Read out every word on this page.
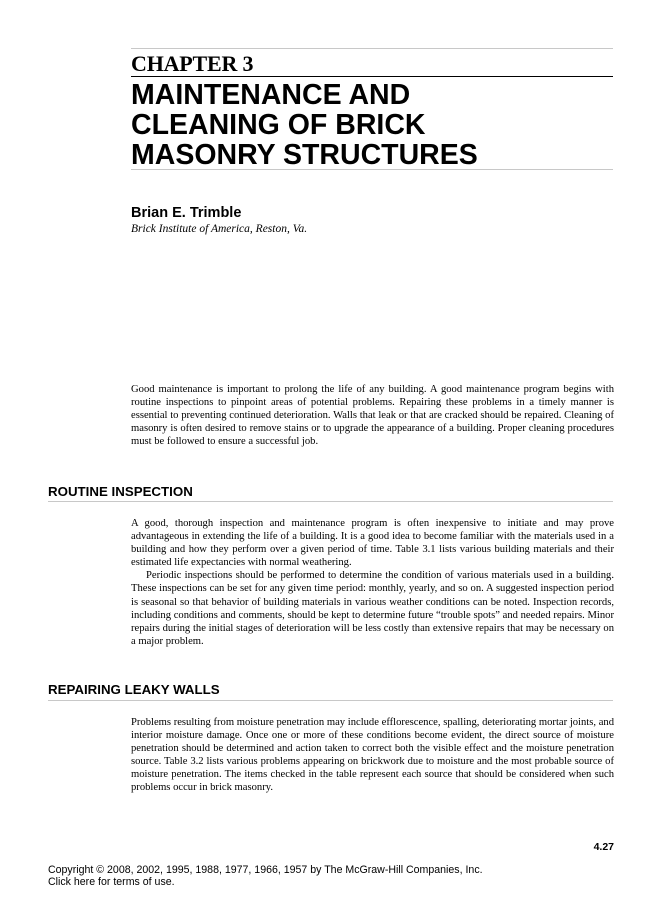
CHAPTER 3
MAINTENANCE AND
CLEANING OF BRICK
MASONRY STRUCTURES
Brian E. Trimble
Brick Institute of America, Reston, Va.

Good maintenance is important to prolong the life of any building. A good maintenance program begins with routine inspections to pinpoint areas of potential problems. Repairing these problems in a timely manner is essential to preventing continued deterioration. Walls that leak or that are cracked should be repaired. Cleaning of masonry is often desired to remove stains or to upgrade the appearance of a building. Proper cleaning procedures must be followed to ensure a successful job.

ROUTINE INSPECTION

A good, thorough inspection and maintenance program is often inexpensive to initiate and may prove advantageous in extending the life of a building. It is a good idea to become familiar with the materials used in a building and how they perform over a given period of time. Table 3.1 lists various building materials and their estimated life expectancies with normal weathering.

Periodic inspections should be performed to determine the condition of various materials used in a building. These inspections can be set for any given time period: monthly, yearly, and so on. A suggested inspection period is seasonal so that behavior of building materials in various weather conditions can be noted. Inspection records, including conditions and comments, should be kept to determine future “trouble spots” and needed repairs. Minor repairs during the initial stages of deterioration will be less costly than extensive repairs that may be necessary on a major problem.

REPAIRING LEAKY WALLS

Problems resulting from moisture penetration may include efflorescence, spalling, deteriorating mortar joints, and interior moisture damage. Once one or more of these conditions become evident, the direct source of moisture penetration should be determined and action taken to correct both the visible effect and the moisture penetration source. Table 3.2 lists various problems appearing on brickwork due to moisture and the most probable source of moisture penetration. The items checked in the table represent each source that should be considered when such problems occur in brick masonry.

4.27
Copyright © 2008, 2002, 1995, 1988, 1977, 1966, 1957 by The McGraw-Hill Companies, Inc.
Click here for terms of use.
